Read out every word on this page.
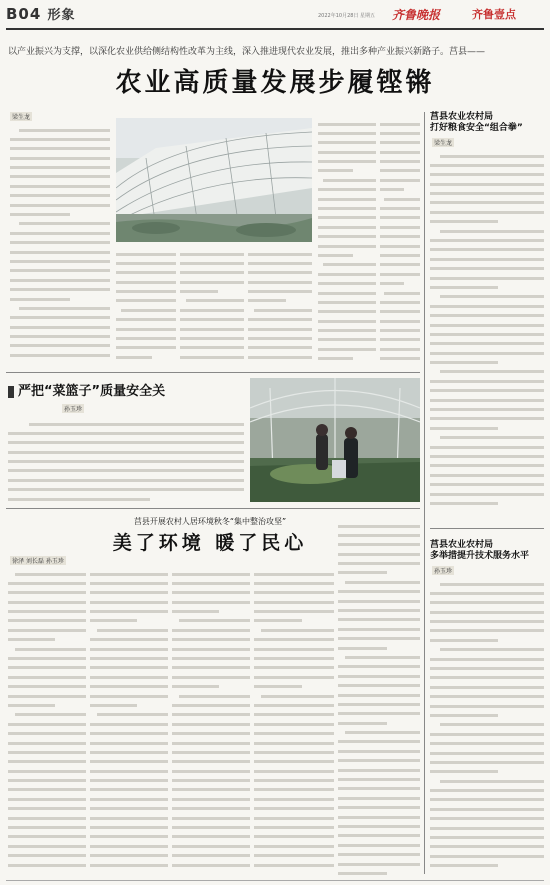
B04 形象	2022年10月28日 星期五 齐鲁晚报	齐鲁壹点
以产业振兴为支撑，以深化农业供给侧结构性改革为主线，深入推进现代农业发展，推出多种产业振兴新路子。莒县——
农业高质量发展步履铿锵
梁生龙	莒县农业农村局
打好粮食安全“组合拳”
梁生龙
莒县农业农村局
多举措提升技术服务水平
孙玉珍
严把“菜篮子”质量安全关
孙玉珍
莒县开展农村人居环境秋冬“集中整治攻坚”
美了环境 暖了民心
徐泽 刘长磊 孙玉珍
